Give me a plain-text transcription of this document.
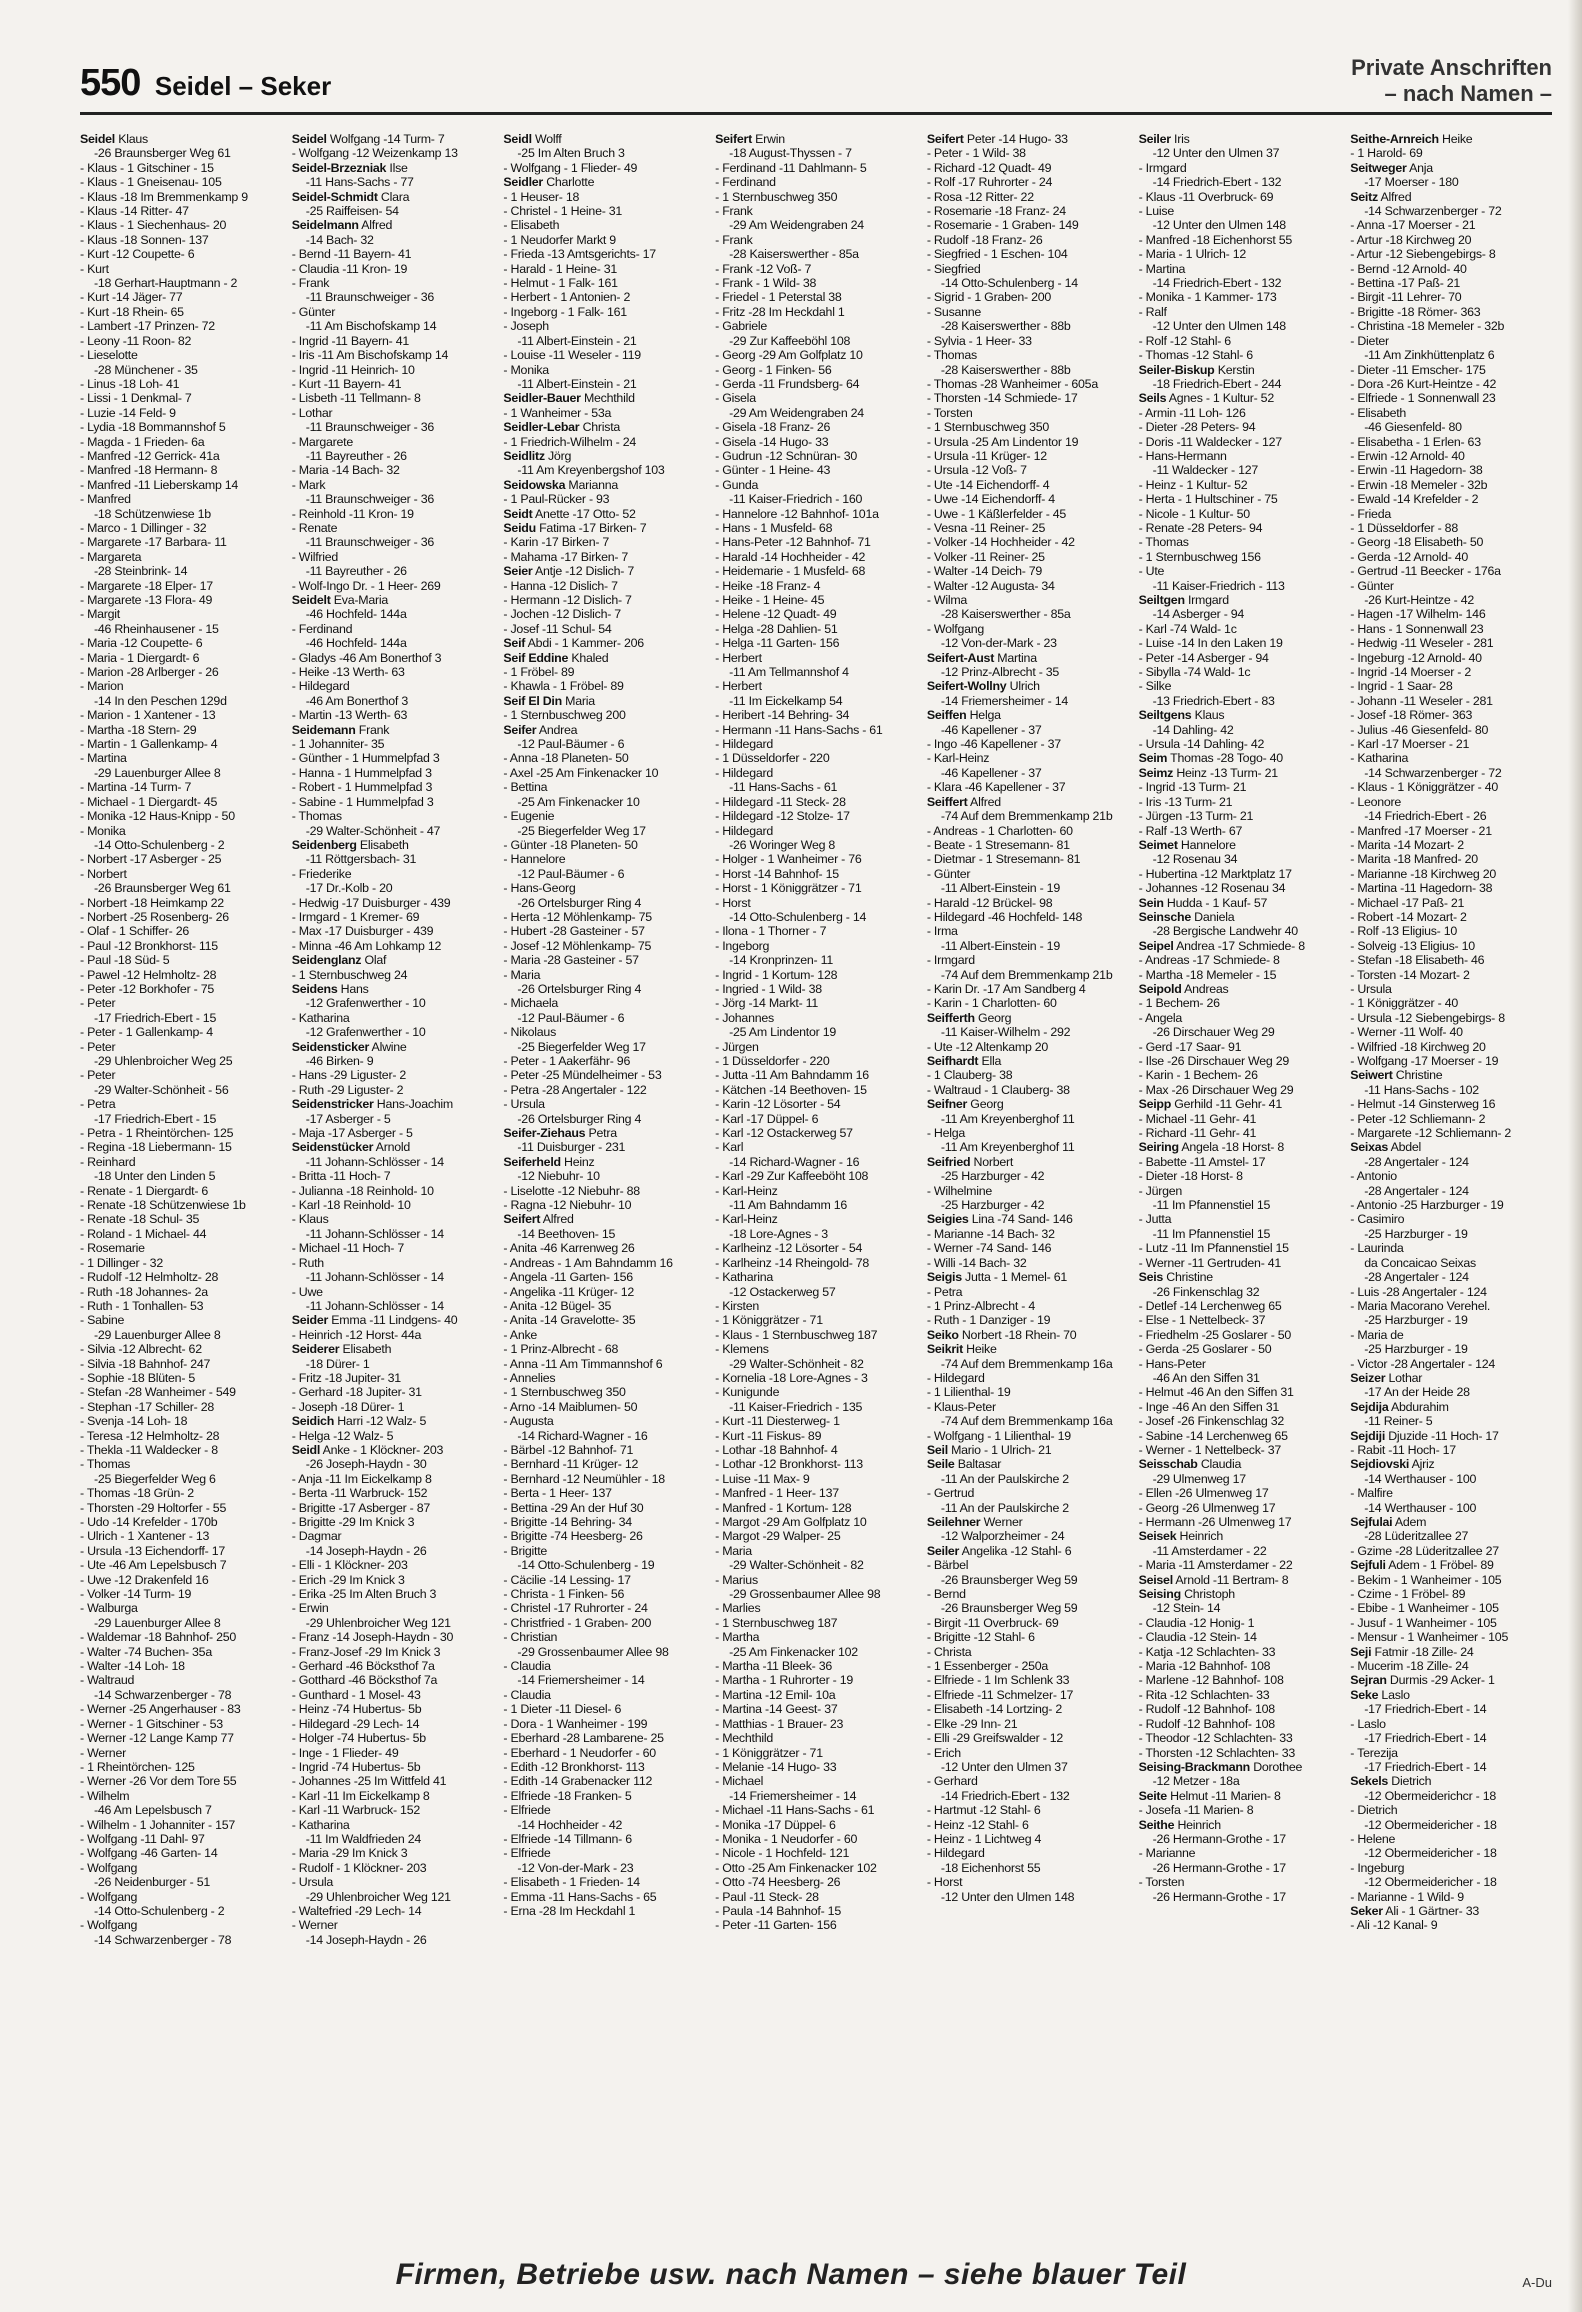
550 Seidel – Seker
Private Anschriften
– nach Namen –
Seidel Klaus
-26 Braunsberger Weg 61
- Klaus - 1 Gitschiner - 15
- Klaus - 1 Gneisenau- 105
- Klaus -18 Im Bremmenkamp 9
- Klaus -14 Ritter- 47
- Klaus - 1 Siechenhaus- 20
- Klaus -18 Sonnen- 137
- Kurt -12 Coupette- 6
- Kurt
-18 Gerhart-Hauptmann - 2
- Kurt -14 Jäger- 77
- Kurt -18 Rhein- 65
- Lambert -17 Prinzen- 72
- Leony -11 Roon- 82
- Lieselotte
-28 Münchener - 35
- Linus -18 Loh- 41
- Lissi - 1 Denkmal- 7
- Luzie -14 Feld- 9
- Lydia -18 Bommannshof 5
- Magda - 1 Frieden- 6a
- Manfred -12 Gerrick- 41a
- Manfred -18 Hermann- 8
- Manfred -11 Lieberskamp 14
- Manfred
-18 Schützenwiese 1b
- Marco - 1 Dillinger - 32
- Margarete -17 Barbara- 11
- Margareta
-28 Steinbrink- 14
- Margarete -18 Elper- 17
- Margarete -13 Flora- 49
- Margit
-46 Rheinhausener - 15
- Maria -12 Coupette- 6
- Maria - 1 Diergardt- 6
- Marion -28 Arlberger - 26
- Marion
-14 In den Peschen 129d
- Marion - 1 Xantener - 13
- Martha -18 Stern- 29
- Martin - 1 Gallenkamp- 4
- Martina
-29 Lauenburger Allee 8
- Martina -14 Turm- 7
- Michael - 1 Diergardt- 45
- Monika -12 Haus-Knipp - 50
- Monika
-14 Otto-Schulenberg - 2
- Norbert -17 Asberger - 25
- Norbert
-26 Braunsberger Weg 61
- Norbert -18 Heimkamp 22
- Norbert -25 Rosenberg- 26
- Olaf - 1 Schiffer- 26
- Paul -12 Bronkhorst- 115
- Paul -18 Süd- 5
- Pawel -12 Helmholtz- 28
- Peter -12 Borkhofer - 75
- Peter
-17 Friedrich-Ebert - 15
- Peter - 1 Gallenkamp- 4
- Peter
-29 Uhlenbroicher Weg 25
- Peter
-29 Walter-Schönheit - 56
- Petra
-17 Friedrich-Ebert - 15
- Petra - 1 Rheintörchen- 125
- Regina -18 Liebermann- 15
- Reinhard
-18 Unter den Linden 5
- Renate - 1 Diergardt- 6
- Renate -18 Schützenwiese 1b
- Renate -18 Schul- 35
- Roland - 1 Michael- 44
- Rosemarie
- 1 Dillinger - 32
- Rudolf -12 Helmholtz- 28
- Ruth -18 Johannes- 2a
- Ruth - 1 Tonhallen- 53
- Sabine
-29 Lauenburger Allee 8
- Silvia -12 Albrecht- 62
- Silvia -18 Bahnhof- 247
- Sophie -18 Blüten- 5
- Stefan -28 Wanheimer - 549
- Stephan -17 Schiller- 28
- Svenja -14 Loh- 18
- Teresa -12 Helmholtz- 28
- Thekla -11 Waldecker - 8
- Thomas
-25 Biegerfelder Weg 6
- Thomas -18 Grün- 2
- Thorsten -29 Holtorfer - 55
- Udo -14 Krefelder - 170b
- Ulrich - 1 Xantener - 13
- Ursula -13 Eichendorff- 17
- Ute -46 Am Lepelsbusch 7
- Uwe -12 Drakenfeld 16
- Volker -14 Turm- 19
- Walburga
-29 Lauenburger Allee 8
- Waldemar -18 Bahnhof- 250
- Walter -74 Buchen- 35a
- Walter -14 Loh- 18
- Waltraud
-14 Schwarzenberger - 78
- Werner -25 Angerhauser - 83
- Werner - 1 Gitschiner - 53
- Werner -12 Lange Kamp 77
- Werner
- 1 Rheintörchen- 125
- Werner -26 Vor dem Tore 55
- Wilhelm
-46 Am Lepelsbusch 7
- Wilhelm - 1 Johanniter - 157
- Wolfgang -11 Dahl- 97
- Wolfgang -46 Garten- 14
- Wolfgang
-26 Neidenburger - 51
- Wolfgang
-14 Otto-Schulenberg - 2
- Wolfgang
-14 Schwarzenberger - 78
Seidel Wolfgang -14 Turm- 7
- Wolfgang -12 Weizenkamp 13
Seidel-Brzezniak Ilse
-11 Hans-Sachs - 77
Seidel-Schmidt Clara
-25 Raiffeisen- 54
Seidelmann Alfred
-14 Bach- 32
- Bernd -11 Bayern- 41
- Claudia -11 Kron- 19
- Frank
-11 Braunschweiger - 36
- Günter
-11 Am Bischofskamp 14
- Ingrid -11 Bayern- 41
- Iris -11 Am Bischofskamp 14
- Ingrid -11 Heinrich- 10
- Kurt -11 Bayern- 41
- Lisbeth -11 Tellmann- 8
- Lothar
-11 Braunschweiger - 36
- Margarete
-11 Bayreuther - 26
- Maria -14 Bach- 32
- Mark
-11 Braunschweiger - 36
- Reinhold -11 Kron- 19
- Renate
-11 Braunschweiger - 36
- Wilfried
-11 Bayreuther - 26
- Wolf-Ingo Dr. - 1 Heer- 269
Seidelt Eva-Maria
-46 Hochfeld- 144a
- Ferdinand
-46 Hochfeld- 144a
- Gladys -46 Am Bonerthof 3
- Heike -13 Werth- 63
- Hildegard
-46 Am Bonerthof 3
- Martin -13 Werth- 63
Seidemann Frank
- 1 Johanniter- 35
- Günther - 1 Hummelpfad 3
- Hanna - 1 Hummelpfad 3
- Robert - 1 Hummelpfad 3
- Sabine - 1 Hummelpfad 3
- Thomas
-29 Walter-Schönheit - 47
Seidenberg Elisabeth
-11 Röttgersbach- 31
- Friederike
-17 Dr.-Kolb - 20
- Hedwig -17 Duisburger - 439
- Irmgard - 1 Kremer- 69
- Max -17 Duisburger - 439
- Minna -46 Am Lohkamp 12
Seidenglanz Olaf
- 1 Sternbuschweg 24
Seidens Hans
-12 Grafenwerther - 10
- Katharina
-12 Grafenwerther - 10
Seidensticker Alwine
-46 Birken- 9
- Hans -29 Liguster- 2
- Ruth -29 Liguster- 2
Seidenstricker Hans-Joachim
-17 Asberger - 5
- Maja -17 Asberger - 5
Seidenstücker Arnold
-11 Johann-Schlösser - 14
- Britta -11 Hoch- 7
- Julianna -18 Reinhold- 10
- Karl -18 Reinhold- 10
- Klaus
-11 Johann-Schlösser - 14
- Michael -11 Hoch- 7
- Ruth
-11 Johann-Schlösser - 14
- Uwe
-11 Johann-Schlösser - 14
Seider Emma -11 Lindgens- 40
- Heinrich -12 Horst- 44a
Seiderer Elisabeth
-18 Dürer- 1
- Fritz -18 Jupiter- 31
- Gerhard -18 Jupiter- 31
- Joseph -18 Dürer- 1
Seidich Harri -12 Walz- 5
- Helga -12 Walz- 5
Seidl Anke - 1 Klöckner- 203
-26 Joseph-Haydn - 30
- Anja -11 Im Eickelkamp 8
- Berta -11 Warbruck- 152
- Brigitte -17 Asberger - 87
- Brigitte -29 Im Knick 3
- Dagmar
-14 Joseph-Haydn - 26
- Elli - 1 Klöckner- 203
- Erich -29 Im Knick 3
- Erika -25 Im Alten Bruch 3
- Erwin
-29 Uhlenbroicher Weg 121
- Franz -14 Joseph-Haydn - 30
- Franz-Josef -29 Im Knick 3
- Gerhard -46 Böcksthof 7a
- Gotthard -46 Böcksthof 7a
- Gunthard - 1 Mosel- 43
- Heinz -74 Hubertus- 5b
- Hildegard -29 Lech- 14
- Holger -74 Hubertus- 5b
- Inge - 1 Flieder- 49
- Ingrid -74 Hubertus- 5b
- Johannes -25 Im Wittfeld 41
- Karl -11 Im Eickelkamp 8
- Karl -11 Warbruck- 152
- Katharina
-11 Im Waldfrieden 24
- Maria -29 Im Knick 3
- Rudolf - 1 Klöckner- 203
- Ursula
-29 Uhlenbroicher Weg 121
- Waltefried -29 Lech- 14
- Werner
-14 Joseph-Haydn - 26
Seidl Wolff
-25 Im Alten Bruch 3
- Wolfgang - 1 Flieder- 49
Seidler Charlotte
- 1 Heuser- 18
- Christel - 1 Heine- 31
- Elisabeth
- 1 Neudorfer Markt 9
- Frieda -13 Amtsgerichts- 17
- Harald - 1 Heine- 31
- Helmut - 1 Falk- 161
- Herbert - 1 Antonien- 2
- Ingeborg - 1 Falk- 161
- Joseph
-11 Albert-Einstein - 21
- Louise -11 Weseler - 119
- Monika
-11 Albert-Einstein - 21
Seidler-Bauer Mechthild
- 1 Wanheimer - 53a
Seidler-Lebar Christa
- 1 Friedrich-Wilhelm - 24
Seidlitz Jörg
-11 Am Kreyenbergshof 103
Seidowska Marianna
- 1 Paul-Rücker - 93
Seidt Anette -17 Otto- 52
Seidu Fatima -17 Birken- 7
- Karin -17 Birken- 7
- Mahama -17 Birken- 7
Seier Antje -12 Dislich- 7
- Hanna -12 Dislich- 7
- Hermann -12 Dislich- 7
- Jochen -12 Dislich- 7
- Josef -11 Schul- 54
Seif Abdi - 1 Kammer- 206
Seif Eddine Khaled
- 1 Fröbel- 89
- Khawla - 1 Fröbel- 89
Seif El Din Maria
- 1 Sternbuschweg 200
Seifer Andrea
-12 Paul-Bäumer - 6
- Anna -18 Planeten- 50
- Axel -25 Am Finkenacker 10
- Bettina
-25 Am Finkenacker 10
- Eugenie
-25 Biegerfelder Weg 17
- Günter -18 Planeten- 50
- Hannelore
-12 Paul-Bäumer - 6
- Hans-Georg
-26 Ortelsburger Ring 4
- Herta -12 Möhlenkamp- 75
- Hubert -28 Gasteiner - 57
- Josef -12 Möhlenkamp- 75
- Maria -28 Gasteiner - 57
- Maria
-26 Ortelsburger Ring 4
- Michaela
-12 Paul-Bäumer - 6
- Nikolaus
-25 Biegerfelder Weg 17
- Peter - 1 Aakerfähr- 96
- Peter -25 Mündelheimer - 53
- Petra -28 Angertaler - 122
- Ursula
-26 Ortelsburger Ring 4
Seifer-Ziehaus Petra
-11 Duisburger - 231
Seiferheld Heinz
-12 Niebuhr- 10
- Liselotte -12 Niebuhr- 88
- Ragna -12 Niebuhr- 10
Seifert Alfred
-14 Beethoven- 15
- Anita -46 Karrenweg 26
- Andreas - 1 Am Bahndamm 16
- Angela -11 Garten- 156
- Angelika -11 Krüger- 12
- Anita -12 Bügel- 35
- Anita -14 Gravelotte- 35
- Anke
- 1 Prinz-Albrecht - 68
- Anna -11 Am Timmannshof 6
- Annelies
- 1 Sternbuschweg 350
- Arno -14 Maiblumen- 50
- Augusta
-14 Richard-Wagner - 16
- Bärbel -12 Bahnhof- 71
- Bernhard -11 Krüger- 12
- Bernhard -12 Neumühler - 18
- Berta - 1 Heer- 137
- Bettina -29 An der Huf 30
- Brigitte -14 Behring- 34
- Brigitte -74 Heesberg- 26
- Brigitte
-14 Otto-Schulenberg - 19
- Cäcilie -14 Lessing- 17
- Christa - 1 Finken- 56
- Christel -17 Ruhrorter - 24
- Christfried - 1 Graben- 200
- Christian
-29 Grossenbaumer Allee 98
- Claudia
-14 Friemersheimer - 14
- Claudia
- 1 Dieter -11 Diesel- 6
- Dora - 1 Wanheimer - 199
- Eberhard -28 Lambarene- 25
- Eberhard - 1 Neudorfer - 60
- Edith -12 Bronkhorst- 113
- Edith -14 Grabenacker 112
- Elfriede -18 Franken- 5
- Elfriede
-14 Hochheider - 42
- Elfriede -14 Tillmann- 6
- Elfriede
-12 Von-der-Mark - 23
- Elisabeth - 1 Frieden- 14
- Emma -11 Hans-Sachs - 65
- Erna -28 Im Heckdahl 1
Seifert Erwin
-18 August-Thyssen - 7
- Ferdinand -11 Dahlmann- 5
- Ferdinand
- 1 Sternbuschweg 350
- Frank
-29 Am Weidengraben 24
- Frank
-28 Kaiserswerther - 85a
- Frank -12 Voß- 7
- Frank - 1 Wild- 38
- Friedel - 1 Peterstal 38
- Fritz -28 Im Heckdahl 1
- Gabriele
-29 Zur Kaffeeböhl 108
- Georg -29 Am Golfplatz 10
- Georg - 1 Finken- 56
- Gerda -11 Frundsberg- 64
- Gisela
-29 Am Weidengraben 24
- Gisela -18 Franz- 26
- Gisela -14 Hugo- 33
- Gudrun -12 Schnüran- 30
- Günter - 1 Heine- 43
- Gunda
-11 Kaiser-Friedrich - 160
- Hannelore -12 Bahnhof- 101a
- Hans - 1 Musfeld- 68
- Hans-Peter -12 Bahnhof- 71
- Harald -14 Hochheider - 42
- Heidemarie - 1 Musfeld- 68
- Heike -18 Franz- 4
- Heike - 1 Heine- 45
- Helene -12 Quadt- 49
- Helga -28 Dahlien- 51
- Helga -11 Garten- 156
- Herbert
-11 Am Tellmannshof 4
- Herbert
-11 Im Eickelkamp 54
- Heribert -14 Behring- 34
- Hermann -11 Hans-Sachs - 61
- Hildegard
- 1 Düsseldorfer - 220
- Hildegard
-11 Hans-Sachs - 61
- Hildegard -11 Steck- 28
- Hildegard -12 Stolze- 17
- Hildegard
-26 Woringer Weg 8
- Holger - 1 Wanheimer - 76
- Horst -14 Bahnhof- 15
- Horst - 1 Königgrätzer - 71
- Horst
-14 Otto-Schulenberg - 14
- Ilona - 1 Thorner - 7
- Ingeborg
-14 Kronprinzen- 11
- Ingrid - 1 Kortum- 128
- Ingried - 1 Wild- 38
- Jörg -14 Markt- 11
- Johannes
-25 Am Lindentor 19
- Jürgen
- 1 Düsseldorfer - 220
- Jutta -11 Am Bahndamm 16
- Kätchen -14 Beethoven- 15
- Karin -12 Lösorter - 54
- Karl -17 Düppel- 6
- Karl -12 Ostackerweg 57
- Karl
-14 Richard-Wagner - 16
- Karl -29 Zur Kaffeeböht 108
- Karl-Heinz
-11 Am Bahndamm 16
- Karl-Heinz
-18 Lore-Agnes - 3
- Karlheinz -12 Lösorter - 54
- Karlheinz -14 Rheingold- 78
- Katharina
-12 Ostackerweg 57
- Kirsten
- 1 Königgrätzer - 71
- Klaus - 1 Sternbuschweg 187
- Klemens
-29 Walter-Schönheit - 82
- Kornelia -18 Lore-Agnes - 3
- Kunigunde
-11 Kaiser-Friedrich - 135
- Kurt -11 Diesterweg- 1
- Kurt -11 Fiskus- 89
- Lothar -18 Bahnhof- 4
- Lothar -12 Bronkhorst- 113
- Luise -11 Max- 9
- Manfred - 1 Heer- 137
- Manfred - 1 Kortum- 128
- Margot -29 Am Golfplatz 10
- Margot -29 Walper- 25
- Maria
-29 Walter-Schönheit - 82
- Marius
-29 Grossenbaumer Allee 98
- Marlies
- 1 Sternbuschweg 187
- Martha
-25 Am Finkenacker 102
- Martha -11 Bleek- 36
- Martha - 1 Ruhrorter - 19
- Martina -12 Emil- 10a
- Martina -14 Geest- 37
- Matthias - 1 Brauer- 23
- Mechthild
- 1 Königgrätzer - 71
- Melanie -14 Hugo- 33
- Michael
-14 Friemersheimer - 14
- Michael -11 Hans-Sachs - 61
- Monika -17 Düppel- 6
- Monika - 1 Neudorfer - 60
- Nicole - 1 Hochfeld- 121
- Otto -25 Am Finkenacker 102
- Otto -74 Heesberg- 26
- Paul -11 Steck- 28
- Paula -14 Bahnhof- 15
- Peter -11 Garten- 156
Seifert Peter -14 Hugo- 33
- Peter - 1 Wild- 38
- Richard -12 Quadt- 49
- Rolf -17 Ruhrorter - 24
- Rosa -12 Ritter- 22
- Rosemarie -18 Franz- 24
- Rosemarie - 1 Graben- 149
- Rudolf -18 Franz- 26
- Siegfried - 1 Eschen- 104
- Siegfried
-14 Otto-Schulenberg - 14
- Sigrid - 1 Graben- 200
- Susanne
-28 Kaiserswerther - 88b
- Sylvia - 1 Heer- 33
- Thomas
-28 Kaiserswerther - 88b
- Thomas -28 Wanheimer - 605a
- Thorsten -14 Schmiede- 17
- Torsten
- 1 Sternbuschweg 350
- Ursula -25 Am Lindentor 19
- Ursula -11 Krüger- 12
- Ursula -12 Voß- 7
- Ute -14 Eichendorff- 4
- Uwe -14 Eichendorff- 4
- Uwe - 1 Käßlerfelder - 45
- Vesna -11 Reiner- 25
- Volker -14 Hochheider - 42
- Volker -11 Reiner- 25
- Walter -14 Deich- 79
- Walter -12 Augusta- 34
- Wilma
-28 Kaiserswerther - 85a
- Wolfgang
-12 Von-der-Mark - 23
Seifert-Aust Martina
-12 Prinz-Albrecht - 35
Seifert-Wollny Ulrich
-14 Friemersheimer - 14
Seiffen Helga
-46 Kapellener - 37
- Ingo -46 Kapellener - 37
- Karl-Heinz
-46 Kapellener - 37
- Klara -46 Kapellener - 37
Seiffert Alfred
-74 Auf dem Bremmenkamp 21b
- Andreas - 1 Charlotten- 60
- Beate - 1 Stresemann- 81
- Dietmar - 1 Stresemann- 81
- Günter
-11 Albert-Einstein - 19
- Harald -12 Brückel- 98
- Hildegard -46 Hochfeld- 148
- Irma
-11 Albert-Einstein - 19
- Irmgard
-74 Auf dem Bremmenkamp 21b
- Karin Dr. -17 Am Sandberg 4
- Karin - 1 Charlotten- 60
Seifferth Georg
-11 Kaiser-Wilhelm - 292
- Ute -12 Altenkamp 20
Seifhardt Ella
- 1 Clauberg- 38
- Waltraud - 1 Clauberg- 38
Seifner Georg
-11 Am Kreyenberghof 11
- Helga
-11 Am Kreyenberghof 11
Seifried Norbert
-25 Harzburger - 42
- Wilhelmine
-25 Harzburger - 42
Seigies Lina -74 Sand- 146
- Marianne -14 Bach- 32
- Werner -74 Sand- 146
- Willi -14 Bach- 32
Seigis Jutta - 1 Memel- 61
- Petra
- 1 Prinz-Albrecht - 4
- Ruth - 1 Danziger - 19
Seiko Norbert -18 Rhein- 70
Seikrit Heike
-74 Auf dem Bremmenkamp 16a
- Hildegard
- 1 Lilienthal- 19
- Klaus-Peter
-74 Auf dem Bremmenkamp 16a
- Wolfgang - 1 Lilienthal- 19
Seil Mario - 1 Ulrich- 21
Seile Baltasar
-11 An der Paulskirche 2
- Gertrud
-11 An der Paulskirche 2
Seilehner Werner
-12 Walporzheimer - 24
Seiler Angelika -12 Stahl- 6
- Bärbel
-26 Braunsberger Weg 59
- Bernd
-26 Braunsberger Weg 59
- Birgit -11 Overbruck- 69
- Brigitte -12 Stahl- 6
- Christa
- 1 Essenberger - 250a
- Elfriede - 1 Im Schlenk 33
- Elfriede -11 Schmelzer- 17
- Elisabeth -14 Lortzing- 2
- Elke -29 Inn- 21
- Elli -29 Greifswalder - 12
- Erich
-12 Unter den Ulmen 37
- Gerhard
-14 Friedrich-Ebert - 132
- Hartmut -12 Stahl- 6
- Heinz -12 Stahl- 6
- Heinz - 1 Lichtweg 4
- Hildegard
-18 Eichenhorst 55
- Horst
-12 Unter den Ulmen 148
Seiler Iris
-12 Unter den Ulmen 37
- Irmgard
-14 Friedrich-Ebert - 132
- Klaus -11 Overbruck- 69
- Luise
-12 Unter den Ulmen 148
- Manfred -18 Eichenhorst 55
- Maria - 1 Ulrich- 12
- Martina
-14 Friedrich-Ebert - 132
- Monika - 1 Kammer- 173
- Ralf
-12 Unter den Ulmen 148
- Rolf -12 Stahl- 6
- Thomas -12 Stahl- 6
Seiler-Biskup Kerstin
-18 Friedrich-Ebert - 244
Seils Agnes - 1 Kultur- 52
- Armin -11 Loh- 126
- Dieter -28 Peters- 94
- Doris -11 Waldecker - 127
- Hans-Hermann
-11 Waldecker - 127
- Heinz - 1 Kultur- 52
- Herta - 1 Hultschiner - 75
- Nicole - 1 Kultur- 50
- Renate -28 Peters- 94
- Thomas
- 1 Sternbuschweg 156
- Ute
-11 Kaiser-Friedrich - 113
Seiltgen Irmgard
-14 Asberger - 94
- Karl -74 Wald- 1c
- Luise -14 In den Laken 19
- Peter -14 Asberger - 94
- Sibylla -74 Wald- 1c
- Silke
-13 Friedrich-Ebert - 83
Seiltgens Klaus
-14 Dahling- 42
- Ursula -14 Dahling- 42
Seim Thomas -28 Togo- 40
Seimz Heinz -13 Turm- 21
- Ingrid -13 Turm- 21
- Iris -13 Turm- 21
- Jürgen -13 Turm- 21
- Ralf -13 Werth- 67
Seimet Hannelore
-12 Rosenau 34
- Hubertina -12 Marktplatz 17
- Johannes -12 Rosenau 34
Sein Hudda - 1 Kauf- 57
Seinsche Daniela
-28 Bergische Landwehr 40
Seipel Andrea -17 Schmiede- 8
- Andreas -17 Schmiede- 8
- Martha -18 Memeler - 15
Seipold Andreas
- 1 Bechem- 26
- Angela
-26 Dirschauer Weg 29
- Gerd -17 Saar- 91
- Ilse -26 Dirschauer Weg 29
- Karin - 1 Bechem- 26
- Max -26 Dirschauer Weg 29
Seipp Gerhild -11 Gehr- 41
- Michael -11 Gehr- 41
- Richard -11 Gehr- 41
Seiring Angela -18 Horst- 8
- Babette -11 Amstel- 17
- Dieter -18 Horst- 8
- Jürgen
-11 Im Pfannenstiel 15
- Jutta
-11 Im Pfannenstiel 15
- Lutz -11 Im Pfannenstiel 15
- Werner -11 Gertruden- 41
Seis Christine
-26 Finkenschlag 32
- Detlef -14 Lerchenweg 65
- Else - 1 Nettelbeck- 37
- Friedhelm -25 Goslarer - 50
- Gerda -25 Goslarer - 50
- Hans-Peter
-46 An den Siffen 31
- Helmut -46 An den Siffen 31
- Inge -46 An den Siffen 31
- Josef -26 Finkenschlag 32
- Sabine -14 Lerchenweg 65
- Werner - 1 Nettelbeck- 37
Seisschab Claudia
-29 Ulmenweg 17
- Ellen -26 Ulmenweg 17
- Georg -26 Ulmenweg 17
- Hermann -26 Ulmenweg 17
Seisek Heinrich
-11 Amsterdamer - 22
- Maria -11 Amsterdamer - 22
Seisel Arnold -11 Bertram- 8
Seising Christoph
-12 Stein- 14
- Claudia -12 Honig- 1
- Claudia -12 Stein- 14
- Katja -12 Schlachten- 33
- Maria -12 Bahnhof- 108
- Marlene -12 Bahnhof- 108
- Rita -12 Schlachten- 33
- Rudolf -12 Bahnhof- 108
- Rudolf -12 Bahnhof- 108
- Theodor -12 Schlachten- 33
- Thorsten -12 Schlachten- 33
Seising-Brackmann Dorothee
-12 Metzer - 18a
Seite Helmut -11 Marien- 8
- Josefa -11 Marien- 8
Seithe Heinrich
-26 Hermann-Grothe - 17
- Marianne
-26 Hermann-Grothe - 17
- Torsten
-26 Hermann-Grothe - 17
Seithe-Arnreich Heike
- 1 Harold- 69
Seitweger Anja
-17 Moerser - 180
Seitz Alfred
-14 Schwarzenberger - 72
- Anna -17 Moerser - 21
- Artur -18 Kirchweg 20
- Artur -12 Siebengebirgs- 8
- Bernd -12 Arnold- 40
- Bettina -17 Paß- 21
- Birgit -11 Lehrer- 70
- Brigitte -18 Römer- 363
- Christina -18 Memeler - 32b
- Dieter
-11 Am Zinkhüttenplatz 6
- Dieter -11 Emscher- 175
- Dora -26 Kurt-Heintze - 42
- Elfriede - 1 Sonnenwall 23
- Elisabeth
-46 Giesenfeld- 80
- Elisabetha - 1 Erlen- 63
- Erwin -12 Arnold- 40
- Erwin -11 Hagedorn- 38
- Erwin -18 Memeler - 32b
- Ewald -14 Krefelder - 2
- Frieda
- 1 Düsseldorfer - 88
- Georg -18 Elisabeth- 50
- Gerda -12 Arnold- 40
- Gertrud -11 Beecker - 176a
- Günter
-26 Kurt-Heintze - 42
- Hagen -17 Wilhelm- 146
- Hans - 1 Sonnenwall 23
- Hedwig -11 Weseler - 281
- Ingeburg -12 Arnold- 40
- Ingrid -14 Moerser - 2
- Ingrid - 1 Saar- 28
- Johann -11 Weseler - 281
- Josef -18 Römer- 363
- Julius -46 Giesenfeld- 80
- Karl -17 Moerser - 21
- Katharina
-14 Schwarzenberger - 72
- Klaus - 1 Königgrätzer - 40
- Leonore
-14 Friedrich-Ebert - 26
- Manfred -17 Moerser - 21
- Marita -14 Mozart- 2
- Marita -18 Manfred- 20
- Marianne -18 Kirchweg 20
- Martina -11 Hagedorn- 38
- Michael -17 Paß- 21
- Robert -14 Mozart- 2
- Rolf -13 Eligius- 10
- Solveig -13 Eligius- 10
- Stefan -18 Elisabeth- 46
- Torsten -14 Mozart- 2
- Ursula
- 1 Königgrätzer - 40
- Ursula -12 Siebengebirgs- 8
- Werner -11 Wolf- 40
- Wilfried -18 Kirchweg 20
- Wolfgang -17 Moerser - 19
Seiwert Christine
-11 Hans-Sachs - 102
- Helmut -14 Ginsterweg 16
- Peter -12 Schliemann- 2
- Margarete -12 Schliemann- 2
Seixas Abdel
-28 Angertaler - 124
- Antonio
-28 Angertaler - 124
- Antonio -25 Harzburger - 19
- Casimiro
-25 Harzburger - 19
- Laurinda
da Concaicao Seixas
-28 Angertaler - 124
- Luis -28 Angertaler - 124
- Maria Macorano Verehel.
-25 Harzburger - 19
- Maria de
-25 Harzburger - 19
- Victor -28 Angertaler - 124
Seizer Lothar
-17 An der Heide 28
Sejdija Abdurahim
-11 Reiner- 5
Sejdiji Djuzide -11 Hoch- 17
- Rabit -11 Hoch- 17
Sejdiovski Ajriz
-14 Werthauser - 100
- Malfire
-14 Werthauser - 100
Sejfulai Adem
-28 Lüderitzallee 27
- Gzime -28 Lüderitzallee 27
Sejfuli Adem - 1 Fröbel- 89
- Bekim - 1 Wanheimer - 105
- Czime - 1 Fröbel- 89
- Ebibe - 1 Wanheimer - 105
- Jusuf - 1 Wanheimer - 105
- Mensur - 1 Wanheimer - 105
Seji Fatmir -18 Zille- 24
- Mucerim -18 Zille- 24
Sejran Durmis -29 Acker- 1
Seke Laslo
-17 Friedrich-Ebert - 14
- Laslo
-17 Friedrich-Ebert - 14
- Terezija
-17 Friedrich-Ebert - 14
Sekels Dietrich
-12 Obermeiderichcr - 18
- Dietrich
-12 Obermeidericher - 18
- Helene
-12 Obermeidericher - 18
- Ingeburg
-12 Obermeidericher - 18
- Marianne - 1 Wild- 9
Seker Ali - 1 Gärtner- 33
- Ali -12 Kanal- 9
Firmen, Betriebe usw. nach Namen – siehe blauer Teil	A-Du
